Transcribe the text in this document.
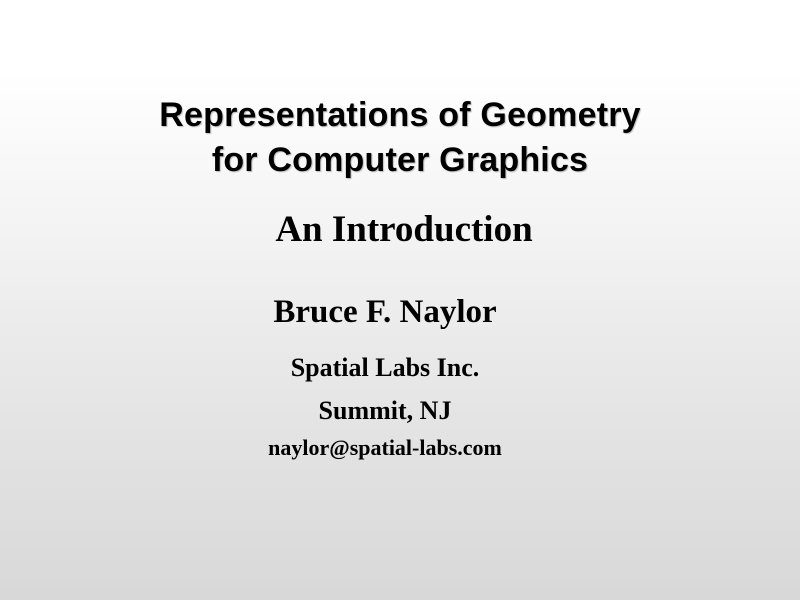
Representations of Geometry
for Computer Graphics
An Introduction

Bruce F. Naylor

Spatial Labs Inc.

Summit, NJ

naylor@spatial-labs.com
